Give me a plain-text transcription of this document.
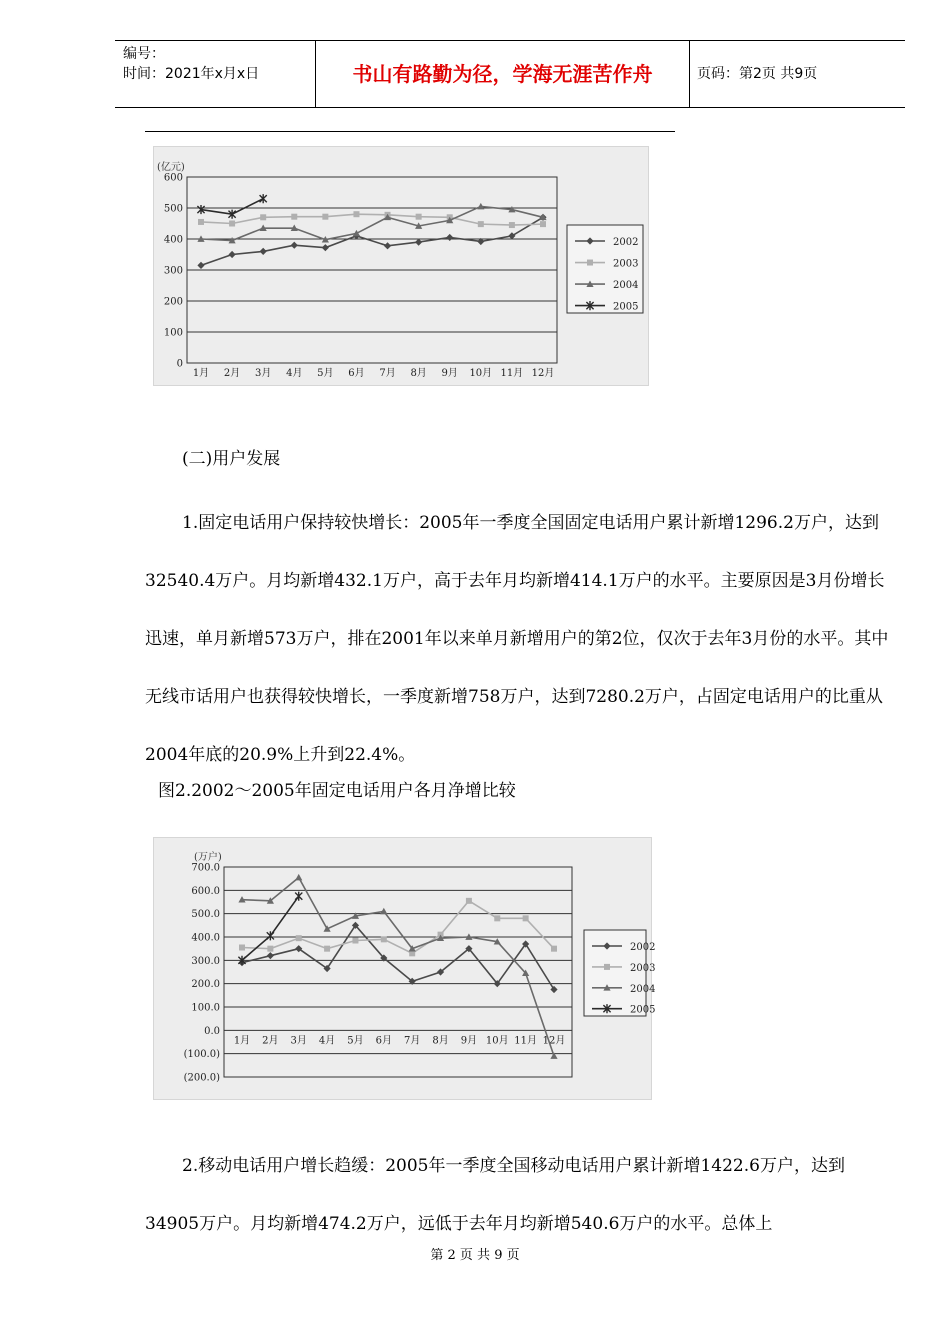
编号：
时间：2021年x月x日	书山有路勤为径，学海无涯苦作舟	页码：第2页 共9页
(亿元)
0
100
200
300
400
500
600
1月 2月 3月 4月 5月 6月 7月 8月 9月 10月 11月 12月
2002
2003
2004
2005
(二)用户发展
1.固定电话用户保持较快增长：2005年一季度全国固定电话用户累计新增1296.2万户，达到32540.4万户。月均新增432.1万户，高于去年月均新增414.1万户的水平。主要原因是3月份增长迅速，单月新增573万户，排在2001年以来单月新增用户的第2位，仅次于去年3月份的水平。其中无线市话用户也获得较快增长，一季度新增758万户，达到7280.2万户，占固定电话用户的比重从2004年底的20.9%上升到22.4%。
图2.2002～2005年固定电话用户各月净增比较
(万户)
(200.0)
(100.0)
0.0
100.0
200.0
300.0
400.0
500.0
600.0
700.0
1月 2月 3月 4月 5月 6月 7月 8月 9月 10月 11月 12月
2002
2003
2004
2005
2.移动电话用户增长趋缓：2005年一季度全国移动电话用户累计新增1422.6万户，达到34905万户。月均新增474.2万户，远低于去年月均新增540.6万户的水平。总体上
第 2 页 共 9 页
